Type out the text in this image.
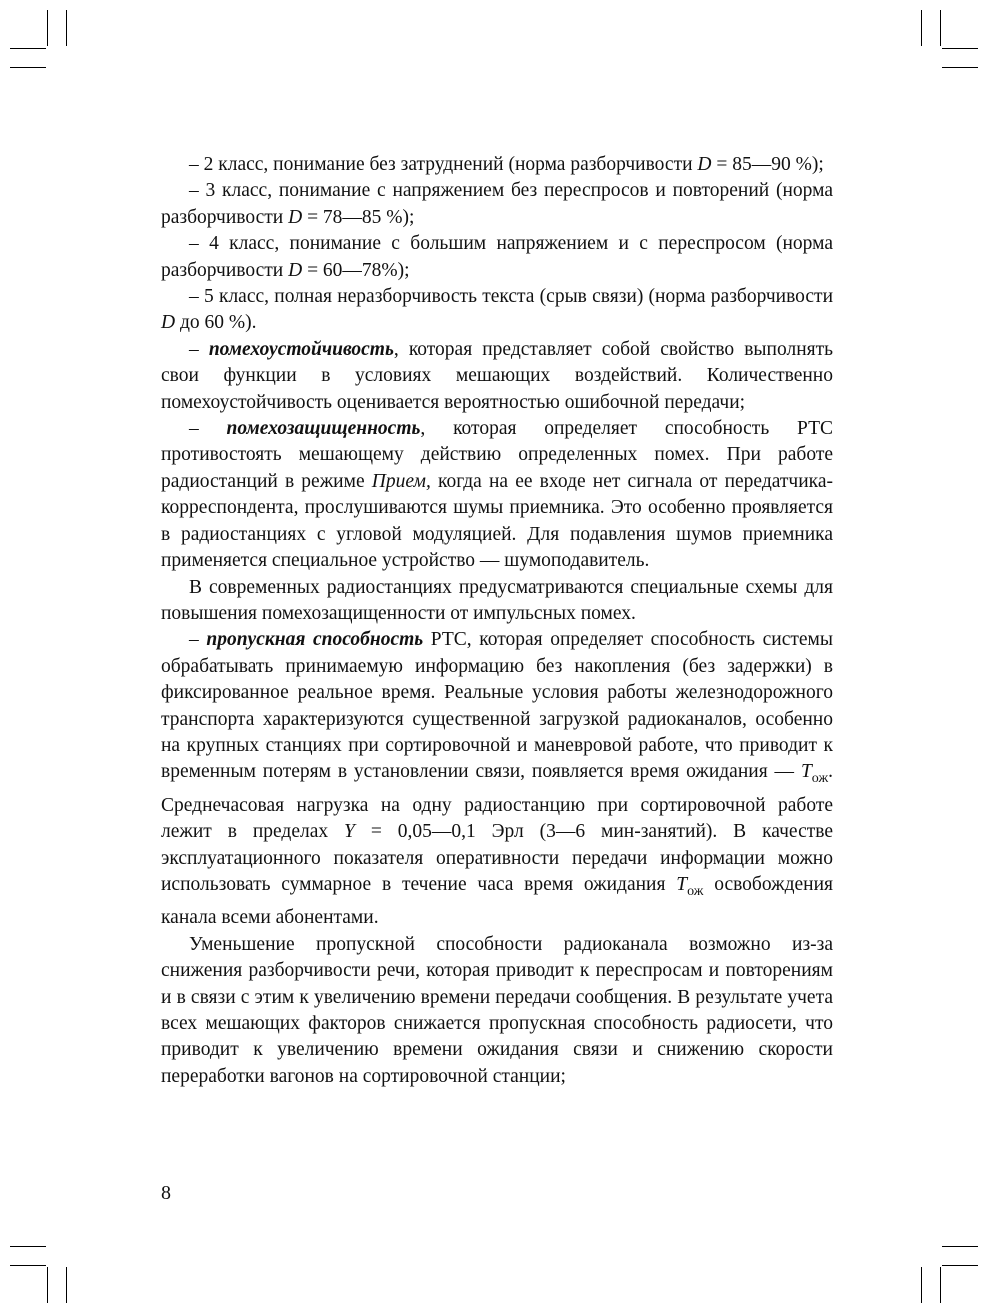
– 2 класс, понимание без затруднений (норма разборчивости D = 85—90 %);

– 3 класс, понимание с напряжением без переспросов и повторений (норма разборчивости D = 78—85 %);

– 4 класс, понимание с большим напряжением и с переспросом (норма разборчивости D = 60—78%);

– 5 класс, полная неразборчивость текста (срыв связи) (норма разборчивости D до 60 %).

– помехоустойчивость, которая представляет собой свойство выполнять свои функции в условиях мешающих воздействий. Количественно помехоустойчивость оценивается вероятностью ошибочной передачи;

– помехозащищенность, которая определяет способность РТС противостоять мешающему действию определенных помех. При работе радиостанций в режиме Прием, когда на ее входе нет сигнала от передатчика-корреспондента, прослушиваются шумы приемника. Это особенно проявляется в радиостанциях с угловой модуляцией. Для подавления шумов приемника применяется специальное устройство — шумоподавитель.

В современных радиостанциях предусматриваются специальные схемы для повышения помехозащищенности от импульсных помех.

– пропускная способность РТС, которая определяет способность системы обрабатывать принимаемую информацию без накопления (без задержки) в фиксированное реальное время. Реальные условия работы железнодорожного транспорта характеризуются существенной загрузкой радиоканалов, особенно на крупных станциях при сортировочной и маневровой работе, что приводит к временным потерям в установлении связи, появляется время ожидания — $T_{ож}$. Среднечасовая нагрузка на одну радиостанцию при сортировочной работе лежит в пределах Y = 0,05—0,1 Эрл (3—6 мин-занятий). В качестве эксплуатационного показателя оперативности передачи информации можно использовать суммарное в течение часа время ожидания $T_{ож}$ освобождения канала всеми абонентами.

Уменьшение пропускной способности радиоканала возможно из-за снижения разборчивости речи, которая приводит к переспросам и повторениям и в связи с этим к увеличению времени передачи сообщения. В результате учета всех мешающих факторов снижается пропускная способность радиосети, что приводит к увеличению времени ожидания связи и снижению скорости переработки вагонов на сортировочной станции;

8
